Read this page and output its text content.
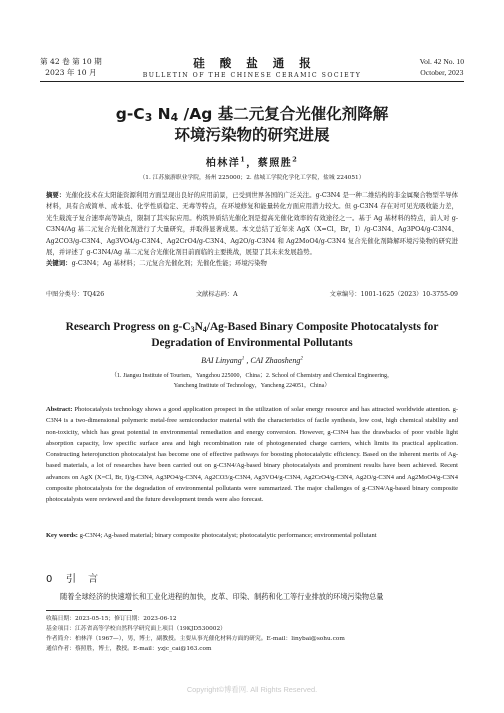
第 42 卷 第 10 期
2023 年 10 月
硅酸盐通报
BULLETIN OF THE CHINESE CERAMIC SOCIETY
Vol. 42 No. 10
October, 2023
$g-C_3$ $N_4$ /Ag 基二元复合光催化剂降解
环境污染物的研究进展
柏林洋$^1$，蔡照胜$^2$
（1. 江苏旅游职业学院，扬州 225000；2. 盐城工学院化学化工学院，盐城 224051）
摘要：光催化技术在太阳能资源利用方面呈现出良好的应用前景，已受到世界各国的广泛关注。g-C3N4 是一种二维结构的非金属聚合物型半导体材料，具有合成简单、成本低、化学性质稳定、无毒等特点，在环境修复和能量转化方面应用潜力较大。但 g-C3N4 存在对可见光吸收能力差，光生载流子复合速率高等缺点，限制了其实际应用。构筑异质结光催化剂是提高光催化效率的有效途径之一。基于 Ag 基材料的特点，前人对 g-C3N4/Ag 基二元复合光催化剂进行了大量研究，并取得显著成果。本文总结了近年来 AgX（X=Cl，Br，I）/g-C3N4、Ag3PO4/g-C3N4、Ag2CO3/g-C3N4、Ag3VO4/g-C3N4、Ag2CrO4/g-C3N4、Ag2O/g-C3N4 和 Ag2MoO4/g-C3N4 复合光催化剂降解环境污染物的研究进展，并评述了 g-C3N4/Ag 基二元复合光催化剂目前面临的主要挑战，展望了其未来发展趋势。
关键词：g-C3N4；Ag 基材料；二元复合光催化剂；光催化性能；环境污染物
中图分类号：TQ426	文献标志码：A	文章编号：1001-1625（2023）10-3755-09
Research Progress on $g-C_3N_4/Ag$-Based Binary Composite Photocatalysts for
Degradation of Environmental Pollutants
BAI Linyang$^1$ , CAI Zhaosheng$^2$
（1. Jiangsu Institute of Tourism，Yangzhou 225000，China；2. School of Chemistry and Chemical Engineering，
Yancheng Institute of Technology，Yancheng 224051，China）
Abstract: Photocatalysis technology shows a good application prospect in the utilization of solar energy resource and has attracted worldwide attention. g-C3N4 is a two-dimensional polymeric metal-free semiconductor material with the characteristics of facile synthesis, low cost, high chemical stability and non-toxicity, which has great potential in environmental remediation and energy conversion. However, g-C3N4 has the drawbacks of poor visible light absorption capacity, low specific surface area and high recombination rate of photogenerated charge carriers, which limits its practical application. Constructing heterojunction photocatalyst has become one of effective pathways for boosting photocatalytic efficiency. Based on the inherent merits of Ag-based materials, a lot of researches have been carried out on g-C3N4/Ag-based binary photocatalysts and prominent results have been achieved. Recent advances on AgX (X=Cl, Br, I)/g-C3N4, Ag3PO4/g-C3N4, Ag2CO3/g-C3N4, Ag3VO4/g-C3N4, Ag2CrO4/g-C3N4, Ag2O/g-C3N4 and Ag2MoO4/g-C3N4 composite photocatalysts for the degradation of environmental pollutants were summarized. The major challenges of g-C3N4/Ag-based binary composite photocatalysts were reviewed and the future development trends were also forecast.
Key words: g-C3N4; Ag-based material; binary composite photocatalyst; photocatalytic performance; environmental pollutant
0 引言
随着全球经济的快速增长和工业化进程的加快，皮革、印染、制药和化工等行业排放的环境污染物总量
收稿日期：2023-05-15；修订日期：2023-06-12
基金项目：江苏省高等学校自然科学研究面上项目（19KJD530002）
作者简介：柏林洋（1967—），男，博士，副教授。主要从事光催化材料方面的研究。E-mail：linybai@sohu.com
通信作者：蔡照胜，博士，教授。E-mail：yzjc_cai@163.com
Copyright©博看网. All Rights Reserved.
